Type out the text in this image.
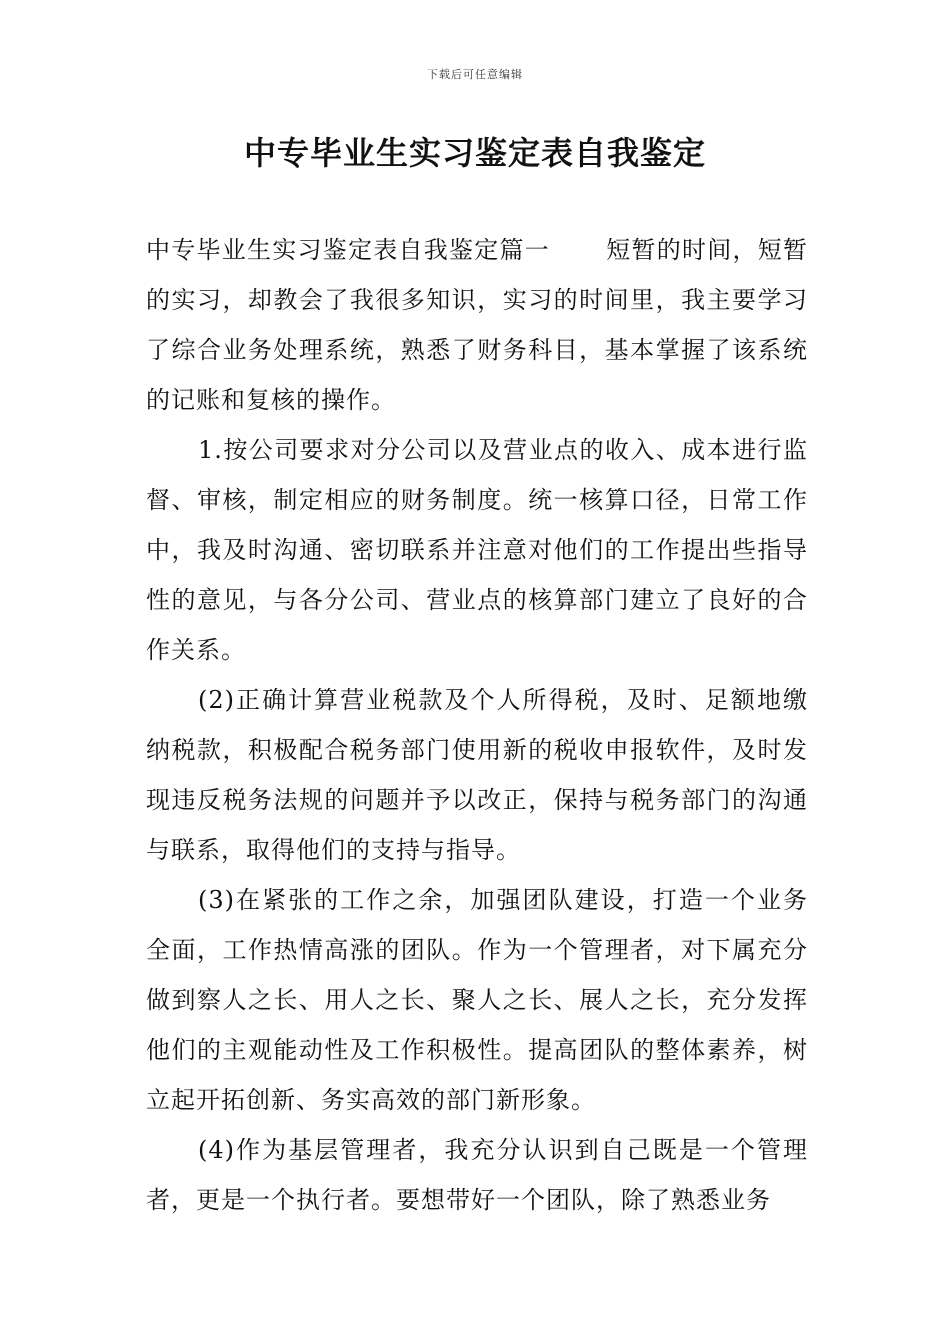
下载后可任意编辑
中专毕业生实习鉴定表自我鉴定

中专毕业生实习鉴定表自我鉴定篇一 短暂的时间，短暂的实习，却教会了我很多知识，实习的时间里，我主要学习了综合业务处理系统，熟悉了财务科目，基本掌握了该系统的记账和复核的操作。

1.按公司要求对分公司以及营业点的收入、成本进行监督、审核，制定相应的财务制度。统一核算口径，日常工作中，我及时沟通、密切联系并注意对他们的工作提出些指导性的意见，与各分公司、营业点的核算部门建立了良好的合作关系。

(2)正确计算营业税款及个人所得税，及时、足额地缴纳税款，积极配合税务部门使用新的税收申报软件，及时发现违反税务法规的问题并予以改正，保持与税务部门的沟通与联系，取得他们的支持与指导。

(3)在紧张的工作之余，加强团队建设，打造一个业务全面，工作热情高涨的团队。作为一个管理者，对下属充分做到察人之长、用人之长、聚人之长、展人之长，充分发挥他们的主观能动性及工作积极性。提高团队的整体素养，树立起开拓创新、务实高效的部门新形象。

(4)作为基层管理者，我充分认识到自己既是一个管理者，更是一个执行者。要想带好一个团队，除了熟悉业务
